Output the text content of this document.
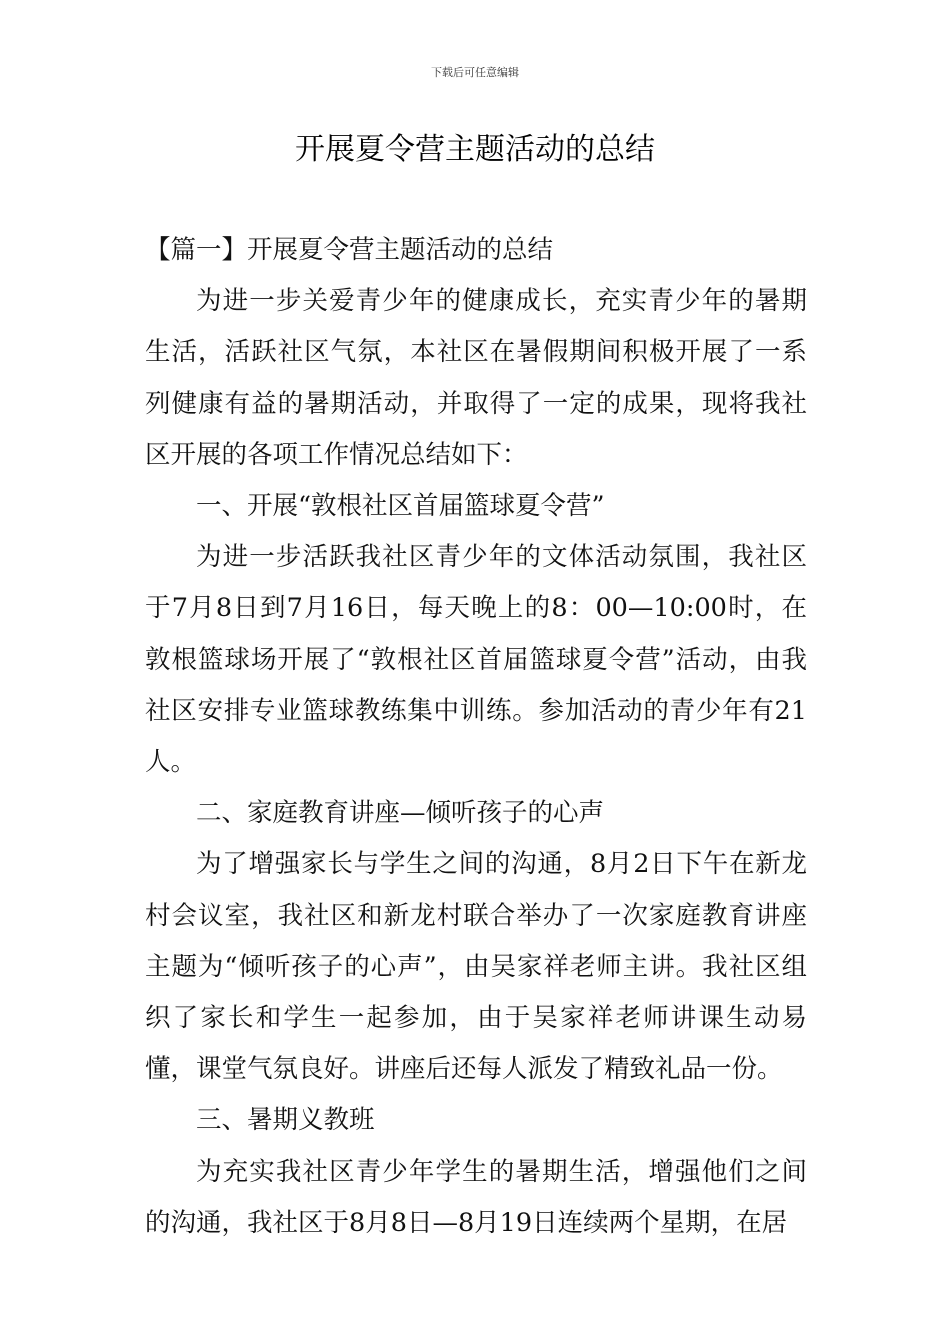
下载后可任意编辑
开展夏令营主题活动的总结

【篇一】开展夏令营主题活动的总结

为进一步关爱青少年的健康成长，充实青少年的暑期生活，活跃社区气氛，本社区在暑假期间积极开展了一系列健康有益的暑期活动，并取得了一定的成果，现将我社区开展的各项工作情况总结如下：

一、开展“敦根社区首届篮球夏令营”

为进一步活跃我社区青少年的文体活动氛围，我社区于7月8日到7月16日，每天晚上的8：00—10:00时，在敦根篮球场开展了“敦根社区首届篮球夏令营”活动，由我社区安排专业篮球教练集中训练。参加活动的青少年有21人。

二、家庭教育讲座—倾听孩子的心声

为了增强家长与学生之间的沟通，8月2日下午在新龙村会议室，我社区和新龙村联合举办了一次家庭教育讲座主题为“倾听孩子的心声”，由吴家祥老师主讲。我社区组织了家长和学生一起参加，由于吴家祥老师讲课生动易懂，课堂气氛良好。讲座后还每人派发了精致礼品一份。

三、暑期义教班

为充实我社区青少年学生的暑期生活，增强他们之间的沟通，我社区于8月8日—8月19日连续两个星期，在居
